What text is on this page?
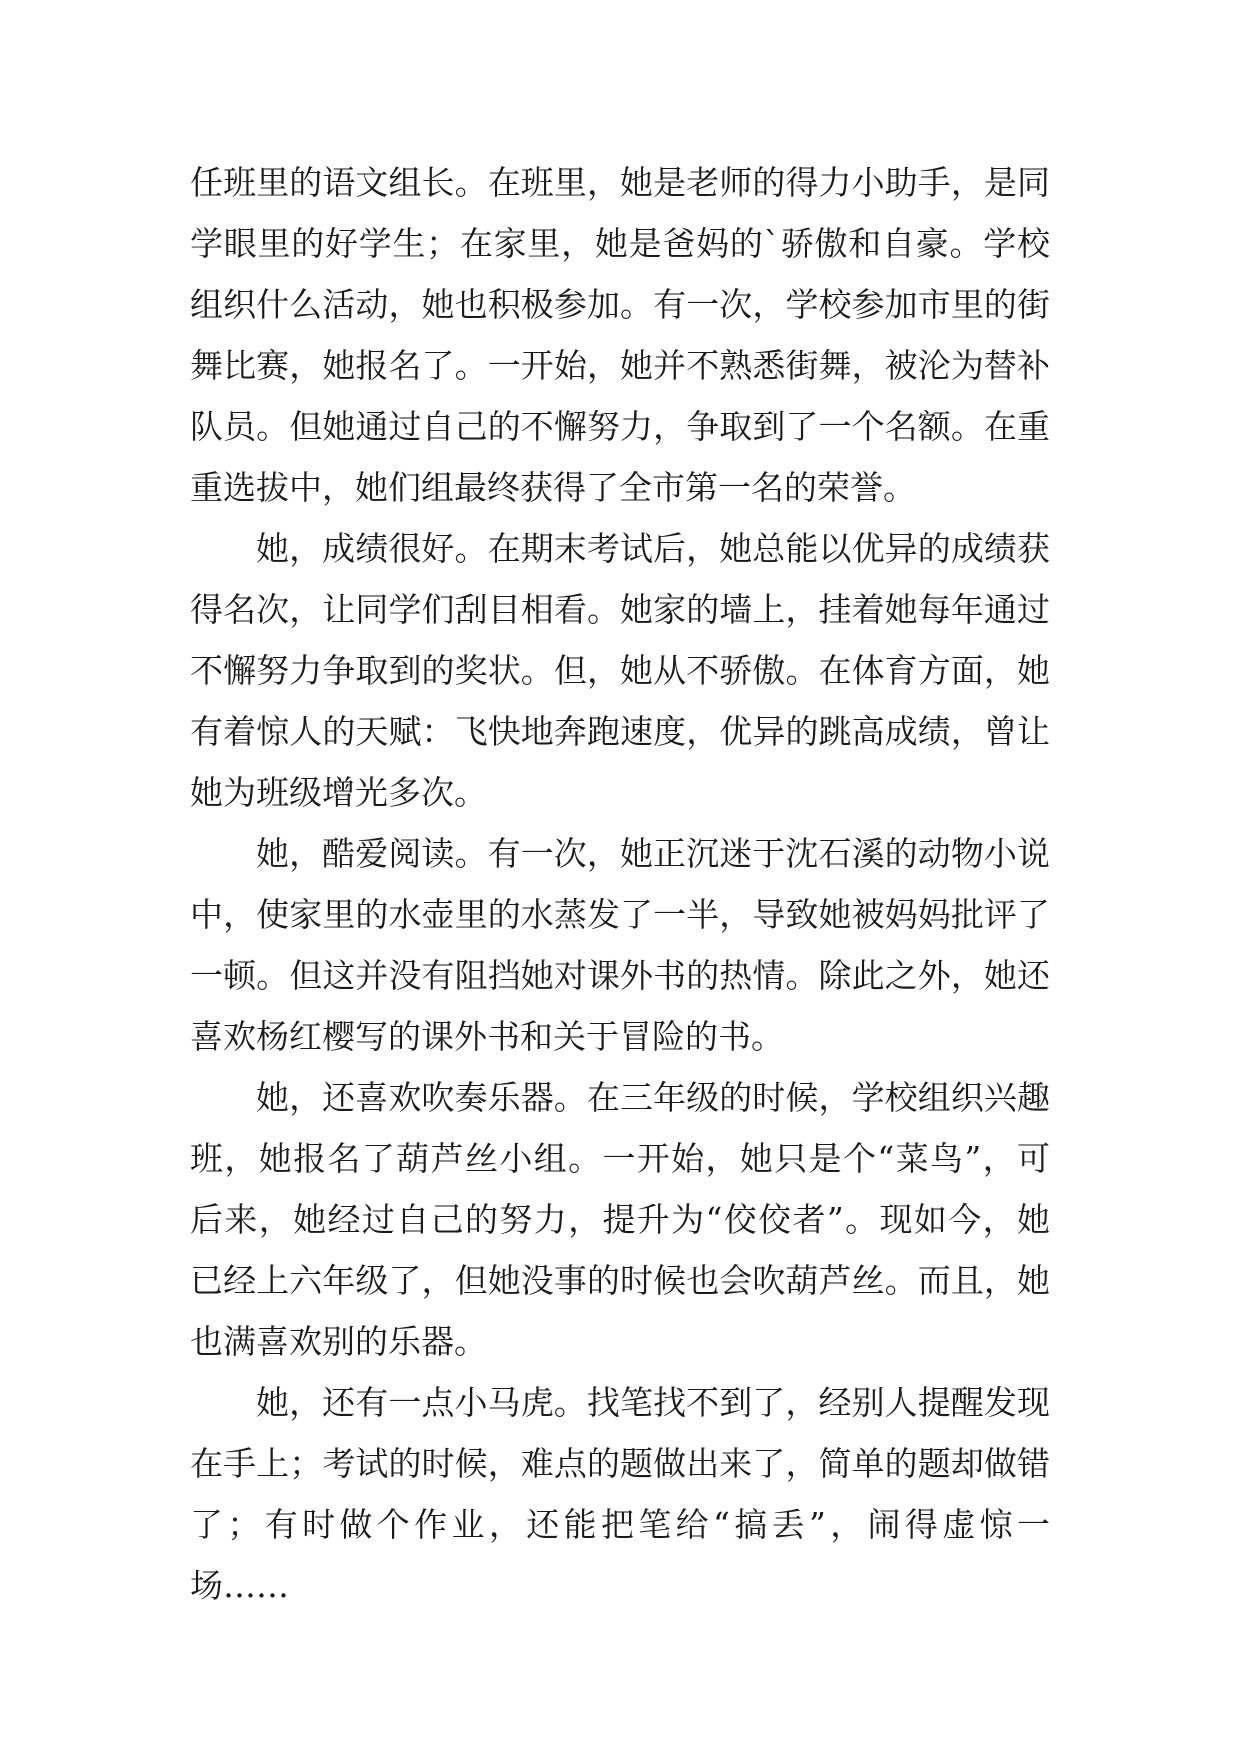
任班里的语文组长。在班里，她是老师的得力小助手，是同
学眼里的好学生；在家里，她是爸妈的`骄傲和自豪。学校
组织什么活动，她也积极参加。有一次，学校参加市里的街
舞比赛，她报名了。一开始，她并不熟悉街舞，被沦为替补
队员。但她通过自己的不懈努力，争取到了一个名额。在重
重选拔中，她们组最终获得了全市第一名的荣誉。
她，成绩很好。在期末考试后，她总能以优异的成绩获
得名次，让同学们刮目相看。她家的墙上，挂着她每年通过
不懈努力争取到的奖状。但，她从不骄傲。在体育方面，她
有着惊人的天赋：飞快地奔跑速度，优异的跳高成绩，曾让
她为班级增光多次。
她，酷爱阅读。有一次，她正沉迷于沈石溪的动物小说
中，使家里的水壶里的水蒸发了一半，导致她被妈妈批评了
一顿。但这并没有阻挡她对课外书的热情。除此之外，她还
喜欢杨红樱写的课外书和关于冒险的书。
她，还喜欢吹奏乐器。在三年级的时候，学校组织兴趣
班，她报名了葫芦丝小组。一开始，她只是个“菜鸟”，可
后来，她经过自己的努力，提升为“佼佼者”。现如今，她
已经上六年级了，但她没事的时候也会吹葫芦丝。而且，她
也满喜欢别的乐器。
她，还有一点小马虎。找笔找不到了，经别人提醒发现
在手上；考试的时候，难点的题做出来了，简单的题却做错
了；有时做个作业，还能把笔给“搞丢”，闹得虚惊一
场……
